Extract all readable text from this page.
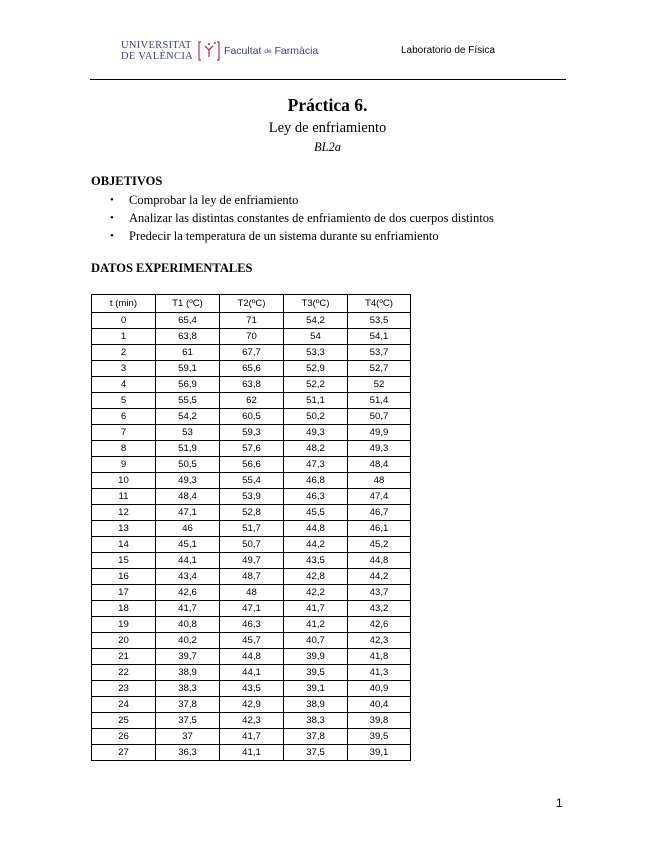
UNIVERSITAT
DE VALÈNCIA	Facultat de Farmàcia	Laboratorio de Física
Práctica 6.
Ley de enfriamiento
BL2a
OBJETIVOS
• Comprobar la ley de enfriamiento
• Analizar las distintas constantes de enfriamiento de dos cuerpos distintos
• Predecir la temperatura de un sistema durante su enfriamiento
DATOS EXPERIMENTALES
t (min)	T1 (ºC)	T2(ºC)	T3(ºC)	T4(ºC)
0	65,4	71	54,2	53,5
1	63,8	70	54	54,1
2	61	67,7	53,3	53,7
3	59,1	65,6	52,9	52,7
4	56,9	63,8	52,2	52
5	55,5	62	51,1	51,4
6	54,2	60,5	50,2	50,7
7	53	59,3	49,3	49,9
8	51,9	57,6	48,2	49,3
9	50,5	56,6	47,3	48,4
10	49,3	55,4	46,8	48
11	48,4	53,9	46,3	47,4
12	47,1	52,8	45,5	46,7
13	46	51,7	44,8	46,1
14	45,1	50,7	44,2	45,2
15	44,1	49,7	43,5	44,8
16	43,4	48,7	42,8	44,2
17	42,6	48	42,2	43,7
18	41,7	47,1	41,7	43,2
19	40,8	46,3	41,2	42,6
20	40,2	45,7	40,7	42,3
21	39,7	44,8	39,9	41,8
22	38,9	44,1	39,5	41,3
23	38,3	43,5	39,1	40,9
24	37,8	42,9	38,9	40,4
25	37,5	42,3	38,3	39,8
26	37	41,7	37,8	39,5
27	36,3	41,1	37,5	39,1
1
